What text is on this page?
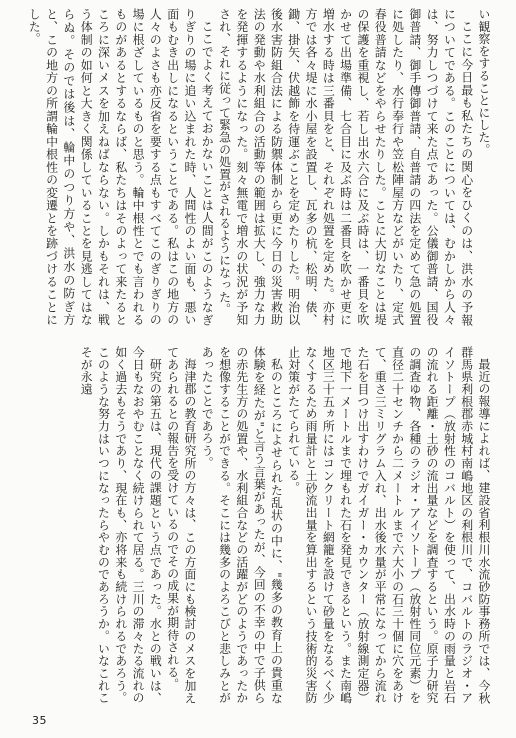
い観察をすることにした。

ここに今日最も私たちの関心をひくのは、洪水の予報についてである。このことについては、むかしから人々は、努力しつづけて来た点であった。公儀御普請、国役御普請、御手傳御普請、自普請の四法を定めて急の処置に処したり、水行奉行や笠松陣屋方などがいたり、定式春役普請などをやらせたりした。ことに大切なことは堤の保護を重視し、若し出水六合に及ぶ時は、一番貝を吹かせて出場準備、七合目に及ぶ時は二番貝を吹かせ更に増水する時は三番貝をと、それぞれ処置を定めた。亦村方では各々堤に水小屋を設置し、瓦多の杭、松明、俵、鋤、掛矢、伏越飾を待運ぶことを定めたりした。明治以後水害防組合法による防禦体制から更に今日の災害救助法の発動や水利組合の活動等の範囲は拡大し、強力な力を発揮するようになった。刻々無電で増水の状況が予知され、それに従って緊急の処置がされるようになった。

ここでよく考えておかないことは人間がこのようなぎりぎりの場に追い込まれた時、人間性のよい面も、悪い面もむき出しになるということである。私はこの地方の人々のよさも亦反省を要する点もすべてこのぎりぎりの場に根ざしているものと思う。輪中根性とでも言われるものがあるとするならば、私たちはそのよって来たるところに深いメスを加えねばならない。しかもそれは、戦う体制の如何と大きく関係していることを見逃してはならぬ。そのでは後は、輪中のつり方や、洪水の防ぎ方と、この地方の所謂輪中根性の変遷とを跡づけることにした。

最近の報導によれば、建設省利根川水流砂防事務所では、今秋群馬県利根郡赤城村南嶋地区の利根川で、コバルトのラジオ・アイソトープ（放射性のコバルト）を使って、出水時の雨量と岩石の流れる距離・土砂の流出量などを調査するという。原子力研究の調査ゆ物、各種のラジオ・アイソトープ（放射性同位元素）を直径二十センチから二メートルまで六大小の石三十個に穴をあけて、重さ三ミリグラム入れ、出水後水量が平常になってから流れた石を目つけ出すわけでガイガー・カウンター（放射線測定器）で地下一メートルまで埋もれた石を発見できるという。また南嶋地区三十五ヵ所にはコンクリート網籠を設けて砂量をなるべく少なくするため雨量計と土砂流出量を算出するという技術的災害防止対策がたてられている。

私のところによせられた乱状の中に、"幾多の教育上の貴重な体験を経たが"と言う言葉があったが、今回の不幸の中で子供らの赤先生方の処置や、水利組合などの活躍がどのようであったかを想像することができる。そこには幾多のよろこびと悲しみとがあったことであろう。

海津郡の教育研究所の方々は、この方面にも検討のメスを加えてあられるとの報告を受けているのでその成果が期待される。

研究の第五は、現代の課題という点であった。水との戦いは、今日もなおやむことなく続けられて居る。三川の滞々たる流れの如く過去もそうであり、現在も、亦将来も続けられるであろう。このような努力はいつになったらやむのであろうか。いなこれこそが永遠

35
